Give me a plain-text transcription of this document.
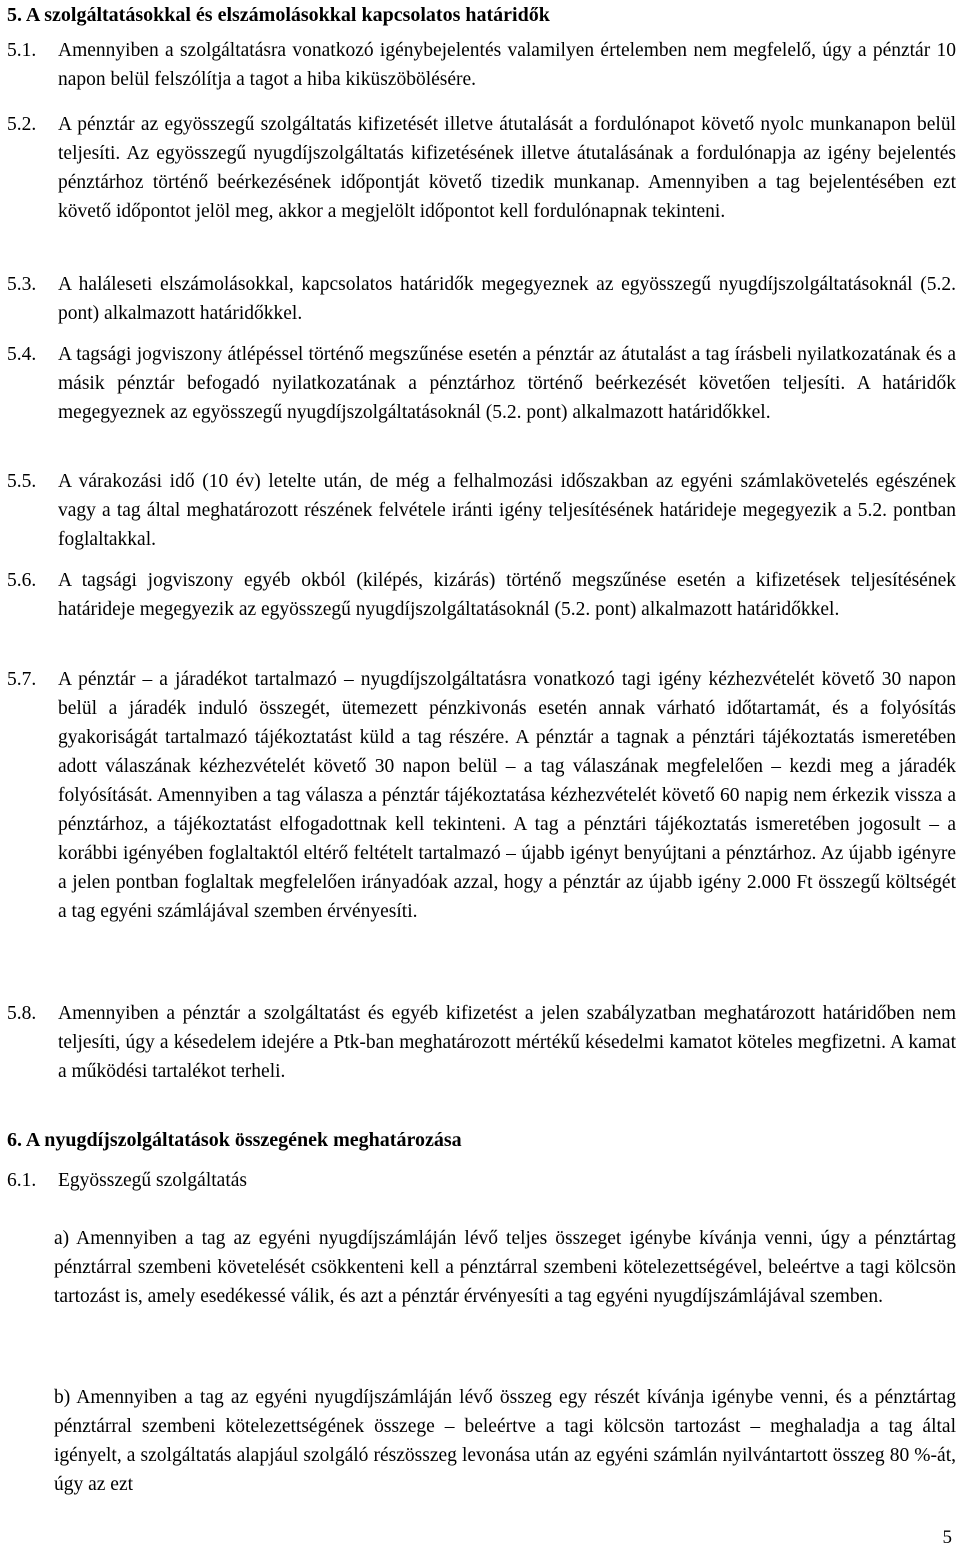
5. A szolgáltatásokkal és elszámolásokkal kapcsolatos határidők
5.1. Amennyiben a szolgáltatásra vonatkozó igénybejelentés valamilyen értelemben nem megfelelő, úgy a pénztár 10 napon belül felszólítja a tagot a hiba kiküszöbölésére.
5.2. A pénztár az egyösszegű szolgáltatás kifizetését illetve átutalását a fordulónapot követő nyolc munkanapon belül teljesíti. Az egyösszegű nyugdíjszolgáltatás kifizetésének illetve átutalásának a fordulónapja az igény bejelentés pénztárhoz történő beérkezésének időpontját követő tizedik munkanap. Amennyiben a tag bejelentésében ezt követő időpontot jelöl meg, akkor a megjelölt időpontot kell fordulónapnak tekinteni.
5.3. A haláleseti elszámolásokkal, kapcsolatos határidők megegyeznek az egyösszegű nyugdíjszolgáltatásoknál (5.2. pont) alkalmazott határidőkkel.
5.4. A tagsági jogviszony átlépéssel történő megszűnése esetén a pénztár az átutalást a tag írásbeli nyilatkozatának és a másik pénztár befogadó nyilatkozatának a pénztárhoz történő beérkezését követően teljesíti. A határidők megegyeznek az egyösszegű nyugdíjszolgáltatásoknál (5.2. pont) alkalmazott határidőkkel.
5.5. A várakozási idő (10 év) letelte után, de még a felhalmozási időszakban az egyéni számlakövetelés egészének vagy a tag által meghatározott részének felvétele iránti igény teljesítésének határideje megegyezik a 5.2. pontban foglaltakkal.
5.6. A tagsági jogviszony egyéb okból (kilépés, kizárás) történő megszűnése esetén a kifizetések teljesítésének határideje megegyezik az egyösszegű nyugdíjszolgáltatásoknál (5.2. pont) alkalmazott határidőkkel.
5.7. A pénztár – a járadékot tartalmazó – nyugdíjszolgáltatásra vonatkozó tagi igény kézhezvételét követő 30 napon belül a járadék induló összegét, ütemezett pénzkivonás esetén annak várható időtartamát, és a folyósítás gyakoriságát tartalmazó tájékoztatást küld a tag részére. A pénztár a tagnak a pénztári tájékoztatás ismeretében adott válaszának kézhezvételét követő 30 napon belül – a tag válaszának megfelelően – kezdi meg a járadék folyósítását. Amennyiben a tag válasza a pénztár tájékoztatása kézhezvételét követő 60 napig nem érkezik vissza a pénztárhoz, a tájékoztatást elfogadottnak kell tekinteni. A tag a pénztári tájékoztatás ismeretében jogosult – a korábbi igényében foglaltaktól eltérő feltételt tartalmazó – újabb igényt benyújtani a pénztárhoz. Az újabb igényre a jelen pontban foglaltak megfelelően irányadóak azzal, hogy a pénztár az újabb igény 2.000 Ft összegű költségét a tag egyéni számlájával szemben érvényesíti.
5.8. Amennyiben a pénztár a szolgáltatást és egyéb kifizetést a jelen szabályzatban meghatározott határidőben nem teljesíti, úgy a késedelem idejére a Ptk-ban meghatározott mértékű késedelmi kamatot köteles megfizetni. A kamat a működési tartalékot terheli.
6. A nyugdíjszolgáltatások összegének meghatározása
6.1. Egyösszegű szolgáltatás
a) Amennyiben a tag az egyéni nyugdíjszámláján lévő teljes összeget igénybe kívánja venni, úgy a pénztártag pénztárral szembeni követelését csökkenteni kell a pénztárral szembeni kötelezettségével, beleértve a tagi kölcsön tartozást is, amely esedékessé válik, és azt a pénztár érvényesíti a tag egyéni nyugdíjszámlájával szemben.
b) Amennyiben a tag az egyéni nyugdíjszámláján lévő összeg egy részét kívánja igénybe venni, és a pénztártag pénztárral szembeni kötelezettségének összege – beleértve a tagi kölcsön tartozást – meghaladja a tag által igényelt, a szolgáltatás alapjául szolgáló részösszeg levonása után az egyéni számlán nyilvántartott összeg 80 %-át, úgy az ezt
5
